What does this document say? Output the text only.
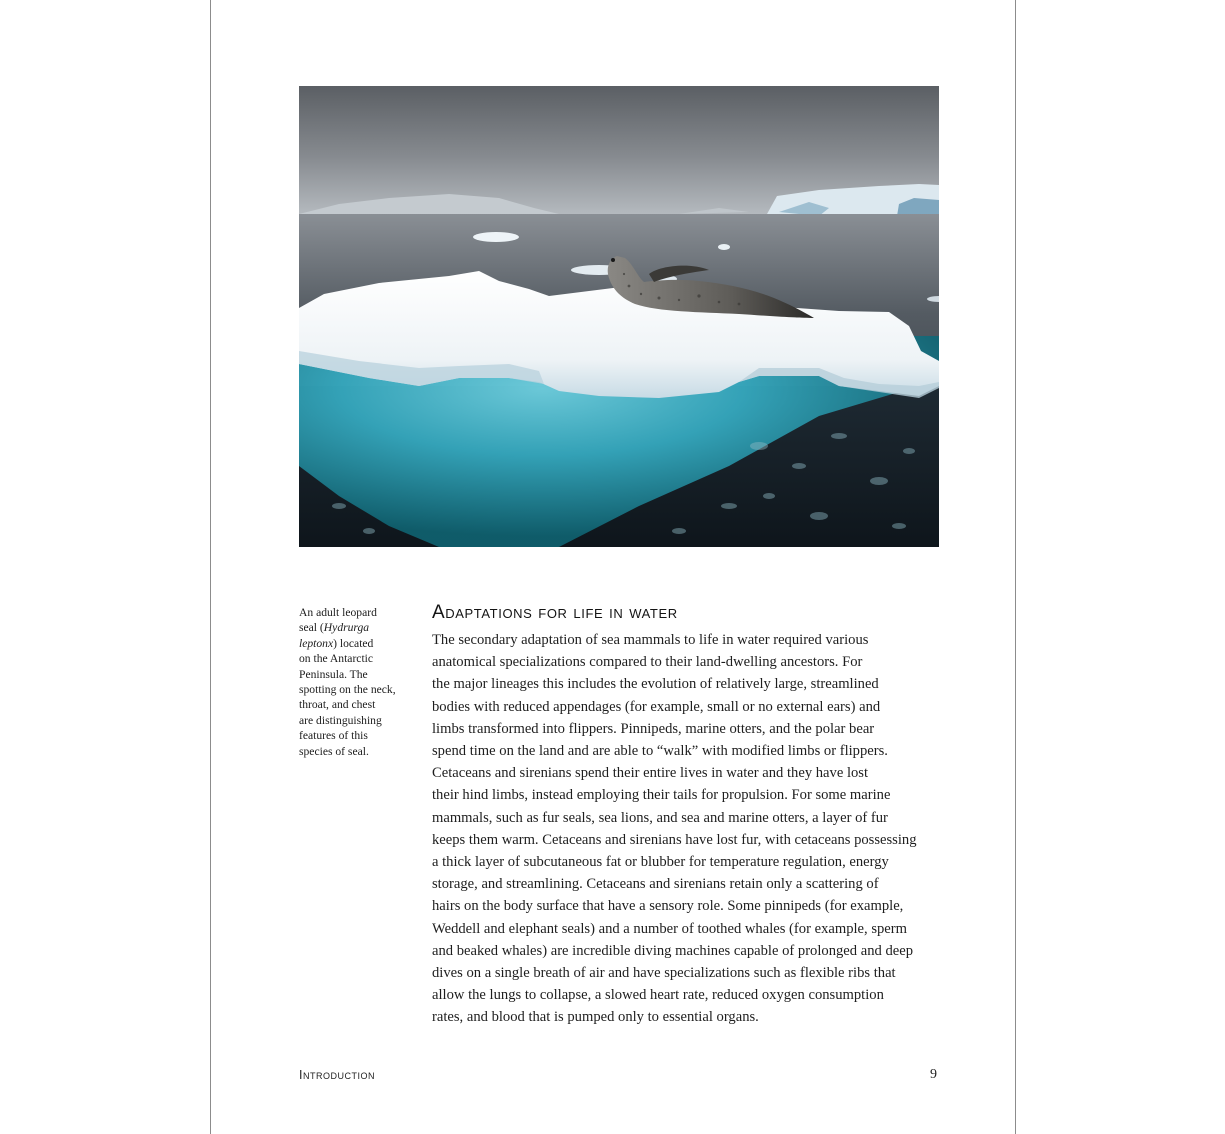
An adult leopard
seal (Hydrurga
leptonx) located
on the Antarctic
Peninsula. The
spotting on the neck,
throat, and chest
are distinguishing
features of this
species of seal.
Adaptations for life in water
The secondary adaptation of sea mammals to life in water required various
anatomical specializations compared to their land-dwelling ancestors. For
the major lineages this includes the evolution of relatively large, streamlined
bodies with reduced appendages (for example, small or no external ears) and
limbs transformed into flippers. Pinnipeds, marine otters, and the polar bear
spend time on the land and are able to “walk” with modified limbs or flippers.
Cetaceans and sirenians spend their entire lives in water and they have lost
their hind limbs, instead employing their tails for propulsion. For some marine
mammals, such as fur seals, sea lions, and sea and marine otters, a layer of fur
keeps them warm. Cetaceans and sirenians have lost fur, with cetaceans possessing
a thick layer of subcutaneous fat or blubber for temperature regulation, energy
storage, and streamlining. Cetaceans and sirenians retain only a scattering of
hairs on the body surface that have a sensory role. Some pinnipeds (for example,
Weddell and elephant seals) and a number of toothed whales (for example, sperm
and beaked whales) are incredible diving machines capable of prolonged and deep
dives on a single breath of air and have specializations such as flexible ribs that
allow the lungs to collapse, a slowed heart rate, reduced oxygen consumption
rates, and blood that is pumped only to essential organs.
Introduction	9
